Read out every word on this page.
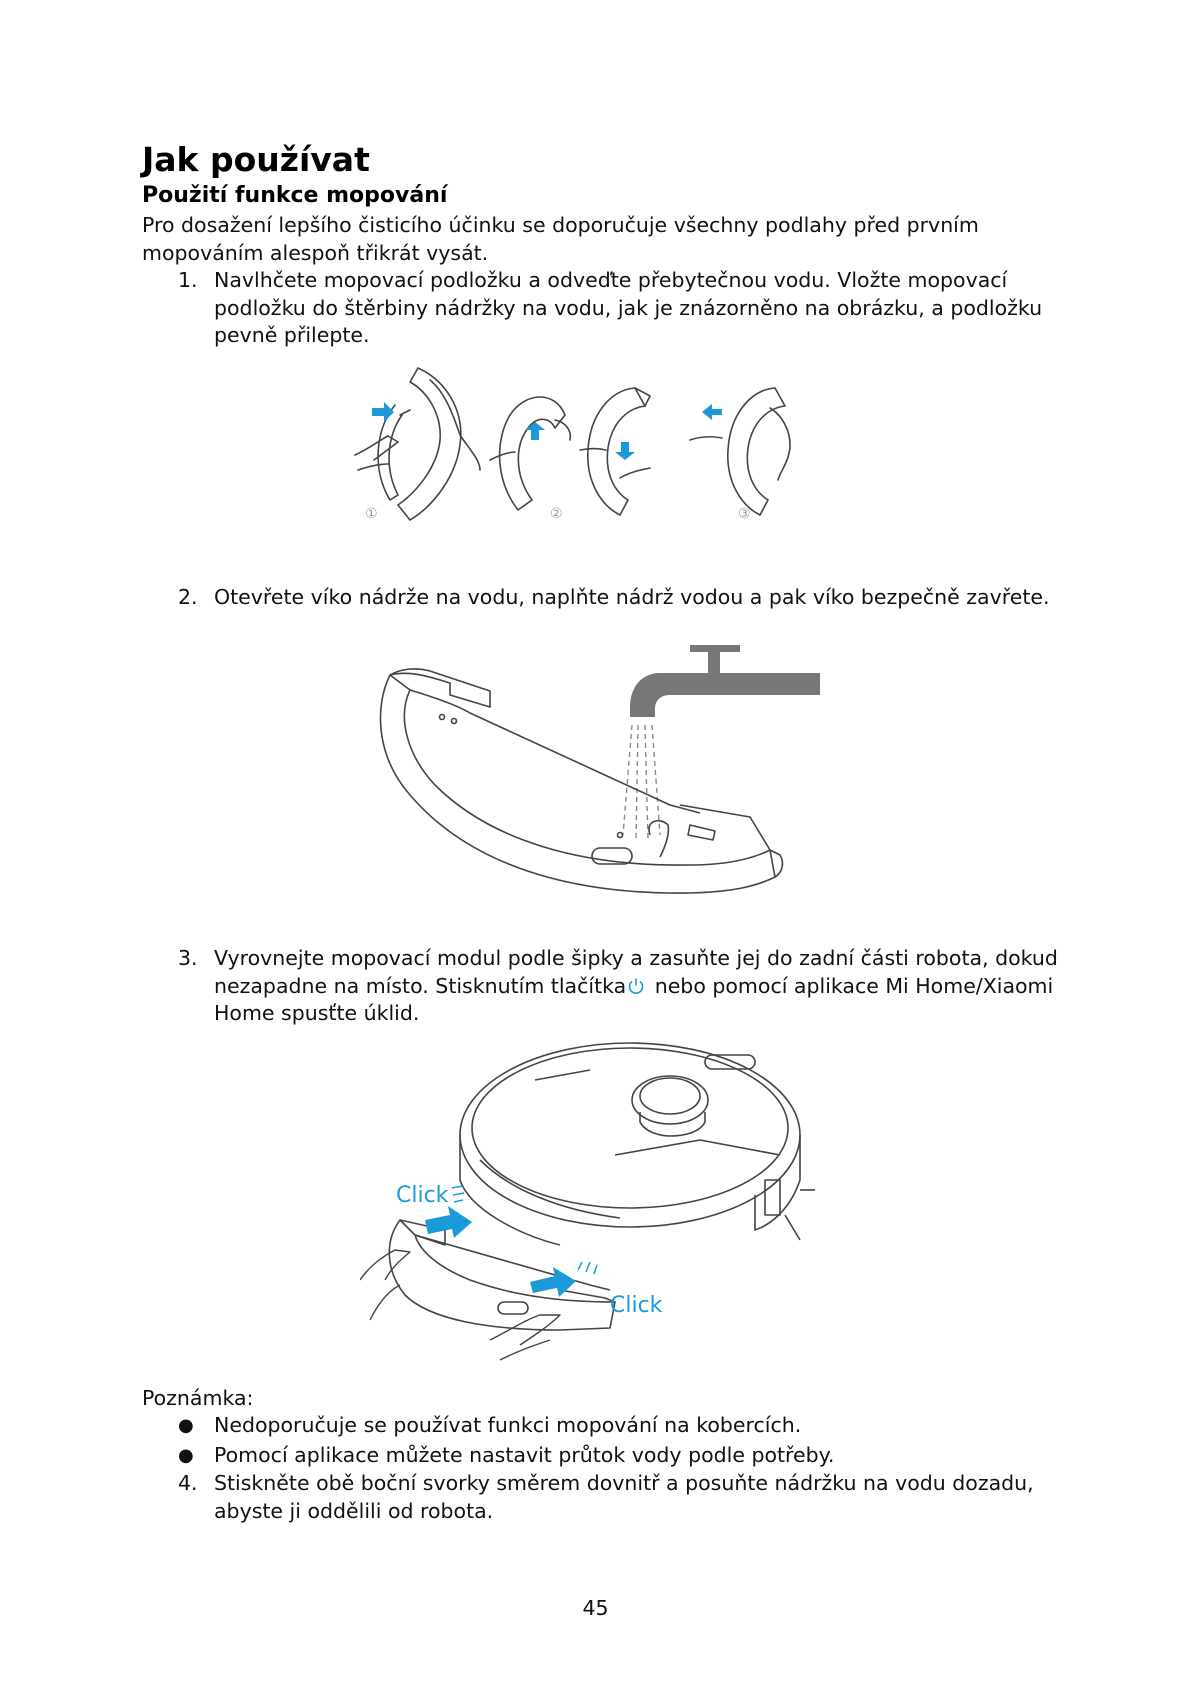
Jak používat
Použití funkce mopování
Pro dosažení lepšího čisticího účinku se doporučuje všechny podlahy před prvním mopováním alespoň třikrát vysát.
1. Navlhčete mopovací podložku a odveďte přebytečnou vodu. Vložte mopovací
podložku do štěrbiny nádržky na vodu, jak je znázorněno na obrázku, a podložku
pevně přilepte.
①	②	③
2. Otevřete víko nádrže na vodu, naplňte nádrž vodou a pak víko bezpečně zavřete.
3. Vyrovnejte mopovací modul podle šipky a zasuňte jej do zadní části robota, dokud
nezapadne na místo. Stisknutím tlačítka nebo pomocí aplikace Mi Home/Xiaomi
Home spusťte úklid.
Click
Click
Poznámka:
● Nedoporučuje se používat funkci mopování na kobercích.
● Pomocí aplikace můžete nastavit průtok vody podle potřeby.
4. Stiskněte obě boční svorky směrem dovnitř a posuňte nádržku na vodu dozadu,
abyste ji oddělili od robota.
45
